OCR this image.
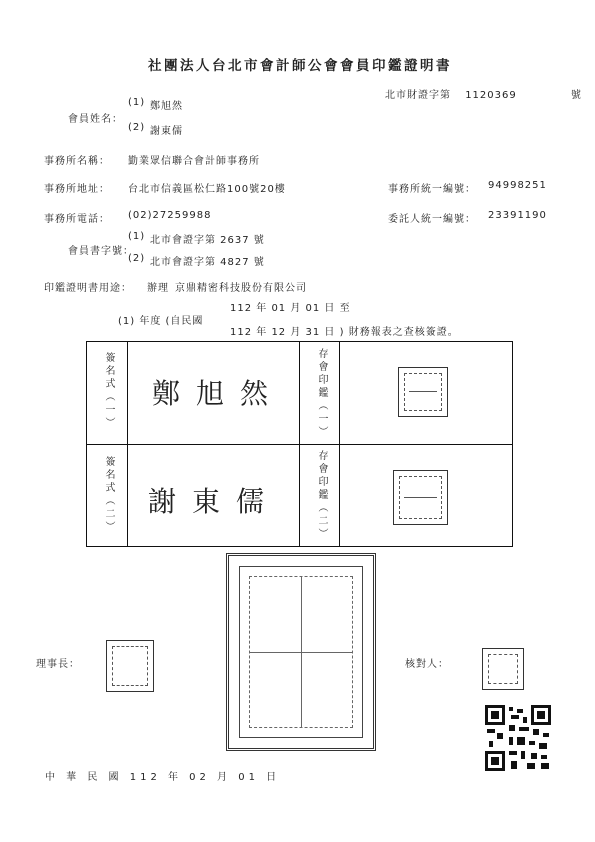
社團法人台北市會計師公會會員印鑑證明書
北市財證字第 1120369	號
(1) 鄭旭然
會員姓名：
(2) 謝東儒
事務所名稱： 勤業眾信聯合會計師事務所
事務所地址： 台北市信義區松仁路100號20樓	事務所統一編號： 94998251
事務所電話： (02)27259988	委託人統一編號： 23391190
(1) 北市會證字第 2637 號
會員書字號：
(2) 北市會證字第 4827 號
印鑑證明書用途： 辦理 京鼎精密科技股份有限公司
112 年 01 月 01 日 至
(1) 年度 (自民國
112 年 12 月 31 日 ) 財務報表之查核簽證。
簽名式（一） 鄭旭然	存會印鑑（一）
簽名式（二） 謝東儒	存會印鑑（二）
理事長：	核對人：
中 華 民 國 112 年 02 月 01 日
